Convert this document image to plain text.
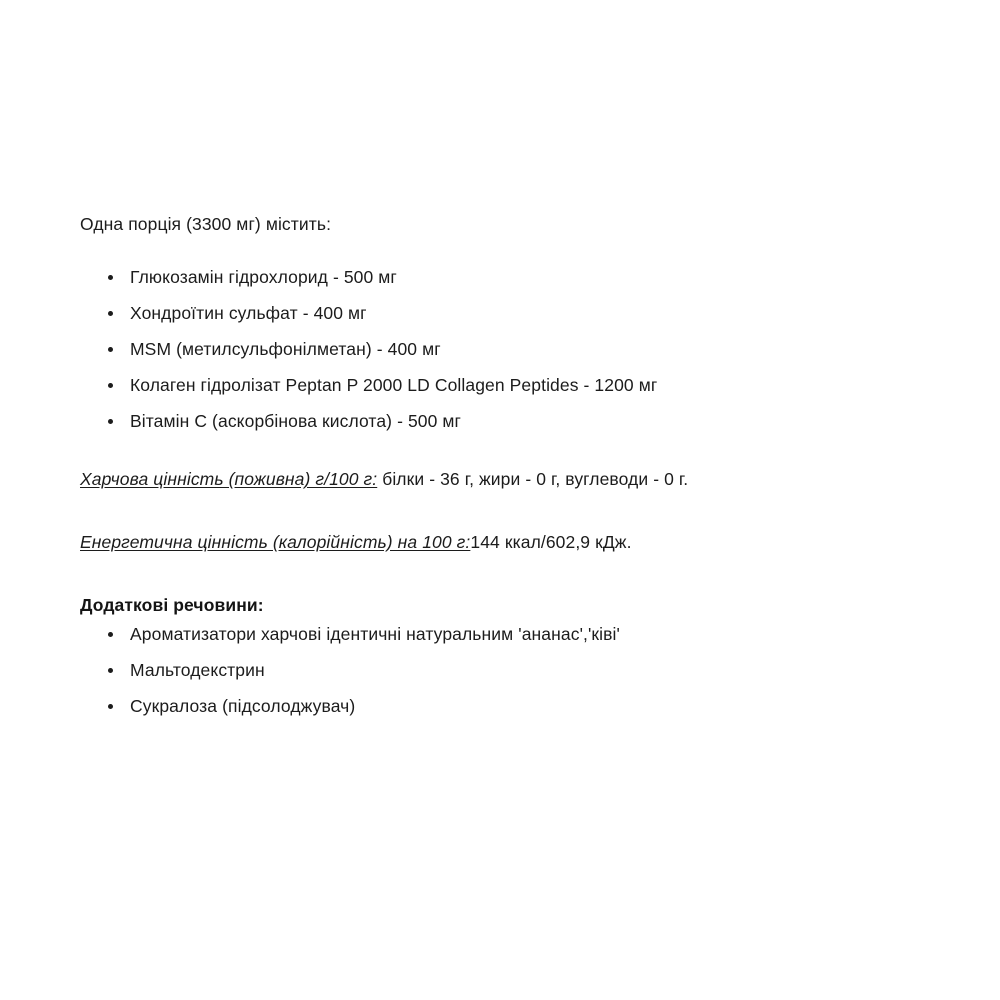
Одна порція (3300 мг) містить:

Глюкозамін гідрохлорид - 500 мг
Хондроїтин сульфат - 400 мг
MSM (метилсульфонілметан) - 400 мг
Колаген гідролізат Peptan P 2000 LD Collagen Peptides - 1200 мг
Вітамін C (аскорбінова кислота) - 500 мг

Харчова цінність (поживна) г/100 г: білки - 36 г, жири - 0 г, вуглеводи - 0 г.

Енергетична цінність (калорійність) на 100 г:144 ккал/602,9 кДж.

Додаткові речовини:

Ароматизатори харчові ідентичні натуральним 'ананас','ківі'
Мальтодекстрин
Сукралоза (підсолоджувач)
